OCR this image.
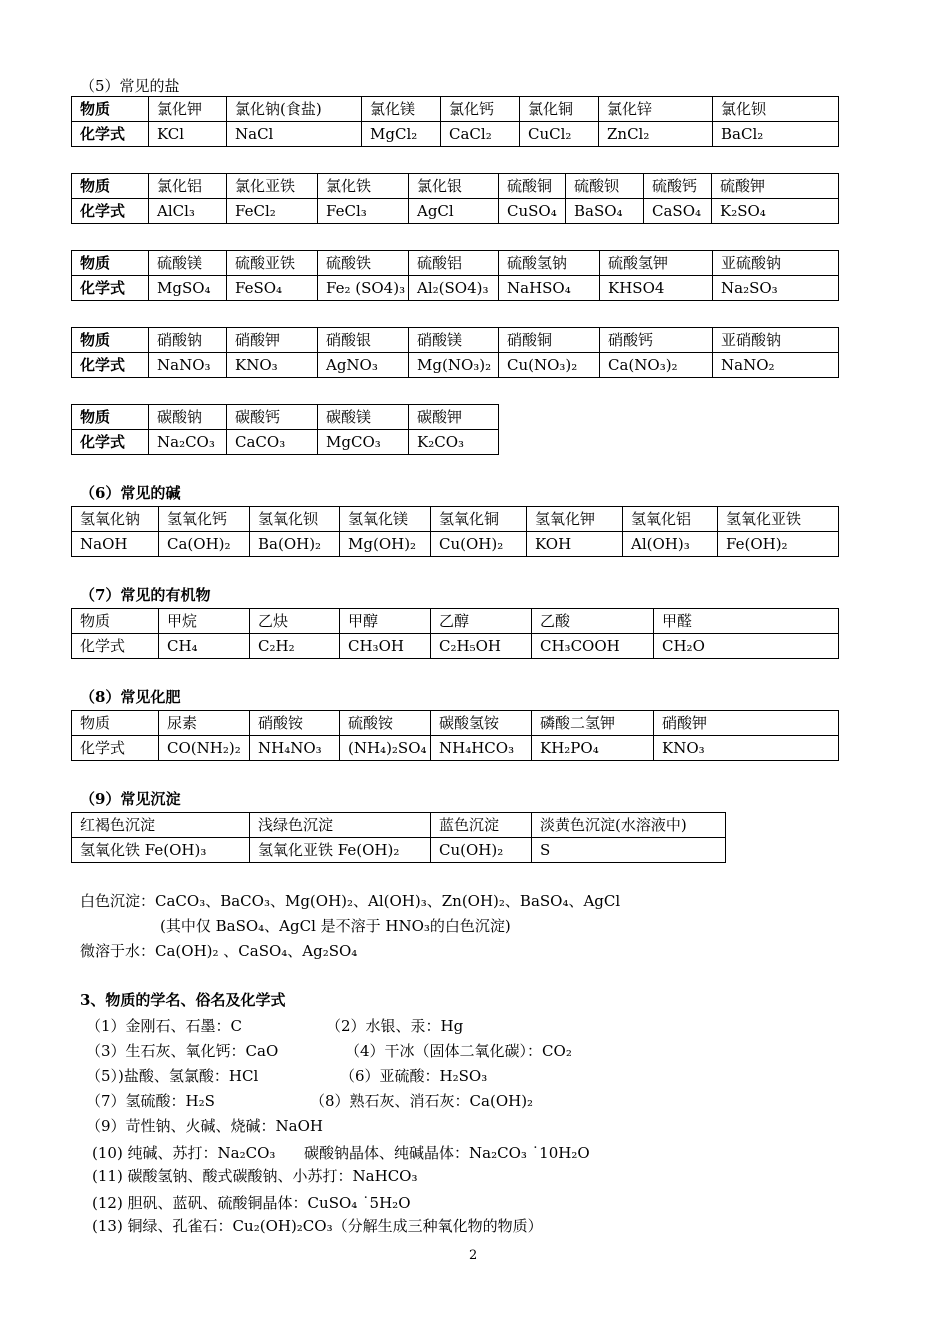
（5）常见的盐
物质	氯化钾	氯化钠(食盐)	氯化镁	氯化钙	氯化铜	氯化锌	氯化钡
化学式	KCl	NaCl	MgCl₂	CaCl₂	CuCl₂	ZnCl₂	BaCl₂
物质	氯化铝	氯化亚铁	氯化铁	氯化银	硫酸铜	硫酸钡	硫酸钙	硫酸钾
化学式	AlCl₃	FeCl₂	FeCl₃	AgCl	CuSO₄	BaSO₄	CaSO₄	K₂SO₄
物质	硫酸镁	硫酸亚铁	硫酸铁	硫酸铝	硫酸氢钠	硫酸氢钾	亚硫酸钠
化学式	MgSO₄	FeSO₄	Fe₂ (SO4)₃	Al₂(SO4)₃	NaHSO₄	KHSO4	Na₂SO₃
物质	硝酸钠	硝酸钾	硝酸银	硝酸镁	硝酸铜	硝酸钙	亚硝酸钠
化学式	NaNO₃	KNO₃	AgNO₃	Mg(NO₃)₂	Cu(NO₃)₂	Ca(NO₃)₂	NaNO₂
物质	碳酸钠	碳酸钙	碳酸镁	碳酸钾
化学式	Na₂CO₃	CaCO₃	MgCO₃	K₂CO₃
（6）常见的碱
氢氧化钠	氢氧化钙	氢氧化钡	氢氧化镁	氢氧化铜	氢氧化钾	氢氧化铝	氢氧化亚铁
NaOH	Ca(OH)₂	Ba(OH)₂	Mg(OH)₂	Cu(OH)₂	KOH	Al(OH)₃	Fe(OH)₂
（7）常见的有机物
物质	甲烷	乙炔	甲醇	乙醇	乙酸	甲醛
化学式	CH₄	C₂H₂	CH₃OH	C₂H₅OH	CH₃COOH	CH₂O
（8）常见化肥
物质	尿素	硝酸铵	硫酸铵	碳酸氢铵	磷酸二氢钾	硝酸钾
化学式	CO(NH₂)₂	NH₄NO₃	(NH₄)₂SO₄	NH₄HCO₃	KH₂PO₄	KNO₃
（9）常见沉淀
红褐色沉淀	浅绿色沉淀	蓝色沉淀	淡黄色沉淀(水溶液中)
氢氧化铁 Fe(OH)₃	氢氧化亚铁 Fe(OH)₂	Cu(OH)₂	S
白色沉淀：CaCO₃、BaCO₃、Mg(OH)₂、Al(OH)₃、Zn(OH)₂、BaSO₄、AgCl
(其中仅 BaSO₄、AgCl 是不溶于 HNO₃的白色沉淀)
微溶于水：Ca(OH)₂ 、CaSO₄、Ag₂SO₄
3、物质的学名、俗名及化学式
（1）金刚石、石墨：C	（2）水银、汞：Hg
（3）生石灰、氧化钙：CaO	（4）干冰（固体二氧化碳）：CO₂
（5）)盐酸、氢氯酸：HCl	（6）亚硫酸：H₂SO₃
（7）氢硫酸：H₂S	（8）熟石灰、消石灰：Ca(OH)₂
（9）苛性钠、火碱、烧碱：NaOH
(10) 纯碱、苏打：Na₂CO₃      碳酸钠晶体、纯碱晶体：Na₂CO₃ ˙10H₂O
(11) 碳酸氢钠、酸式碳酸钠、小苏打：NaHCO₃
(12) 胆矾、蓝矾、硫酸铜晶体：CuSO₄ ˙5H₂O
(13) 铜绿、孔雀石：Cu₂(OH)₂CO₃（分解生成三种氧化物的物质）
2
